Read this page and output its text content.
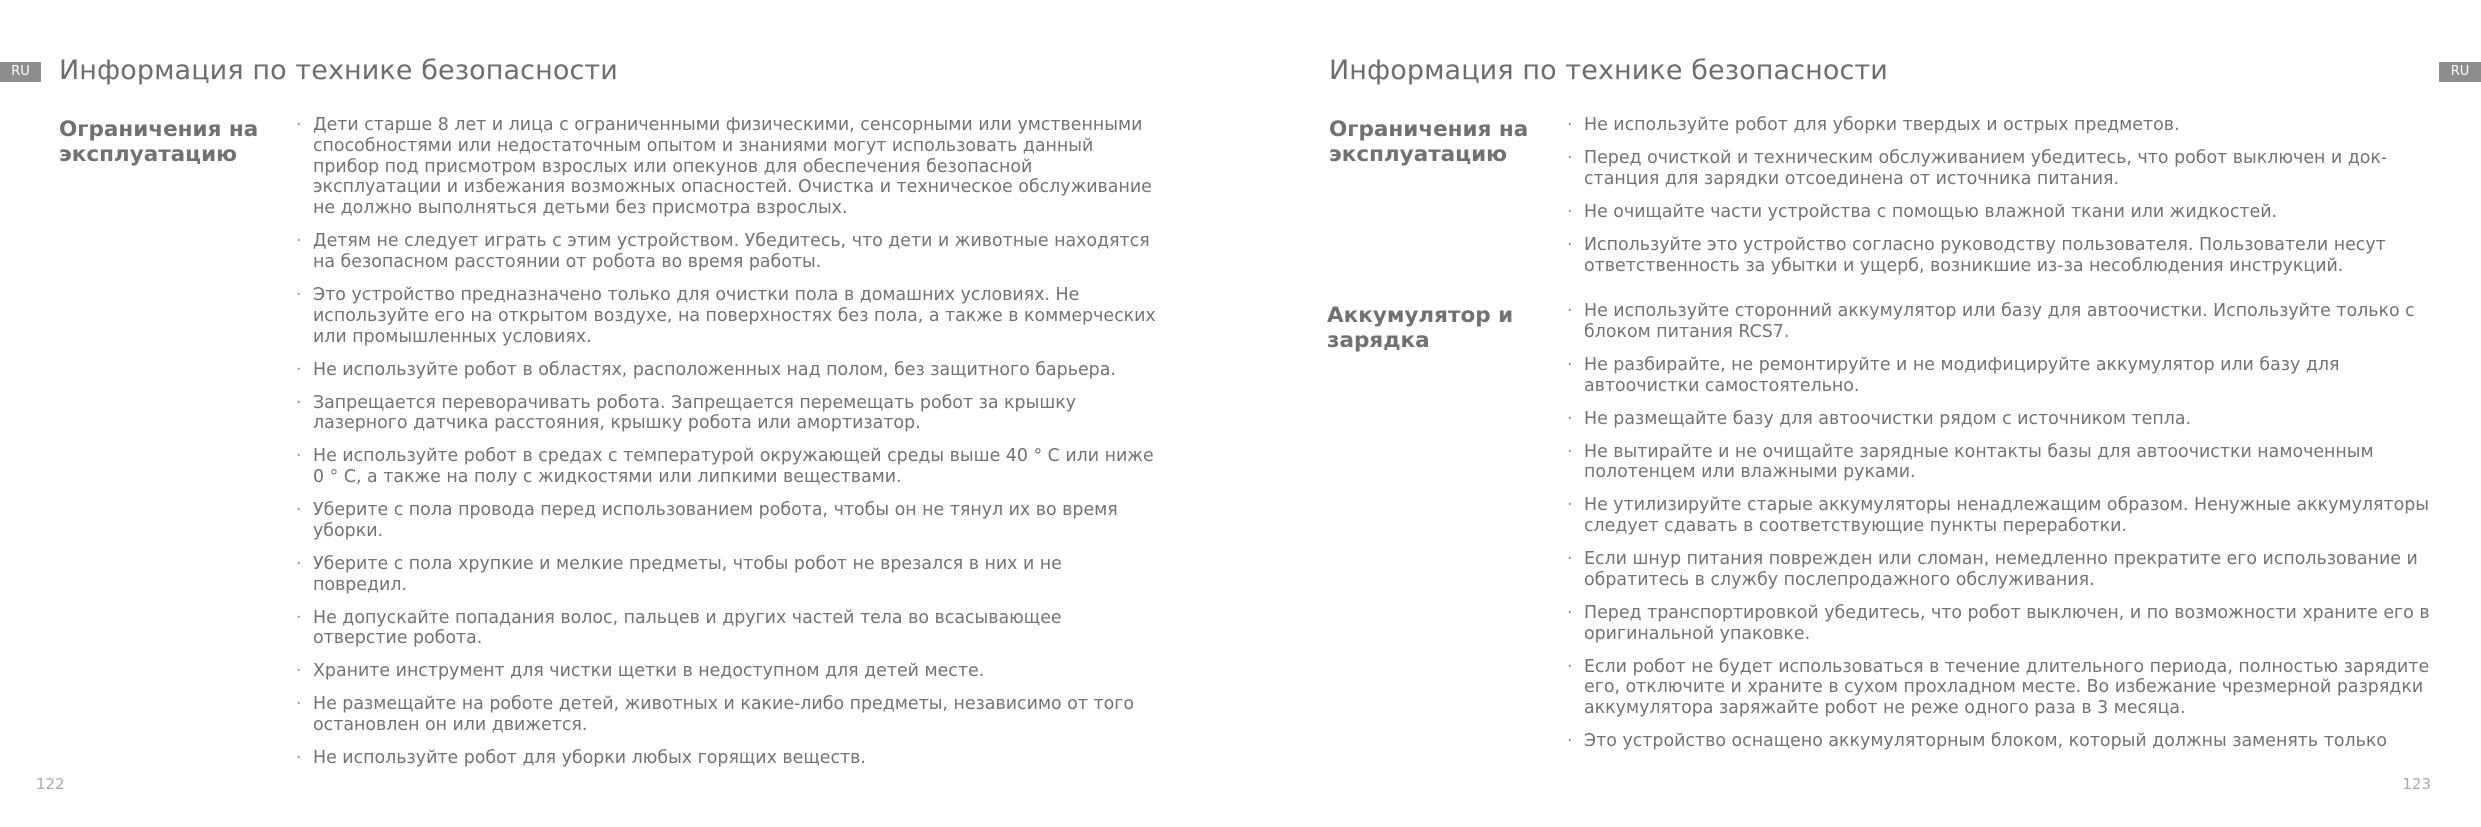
RU	Информация по технике безопасности
Ограничения на эксплуатацию
· Дети старше 8 лет и лица с ограниченными физическими, сенсорными или умственными способностями или недостаточным опытом и знаниями могут использовать данный прибор под присмотром взрослых или опекунов для обеспечения безопасной эксплуатации и избежания возможных опасностей. Очистка и техническое обслуживание не должно выполняться детьми без присмотра взрослых.
· Детям не следует играть с этим устройством. Убедитесь, что дети и животные находятся на безопасном расстоянии от робота во время работы.
· Это устройство предназначено только для очистки пола в домашних условиях. Не используйте его на открытом воздухе, на поверхностях без пола, а также в коммерческих или промышленных условиях.
· Не используйте робот в областях, расположенных над полом, без защитного барьера.
· Запрещается переворачивать робота. Запрещается перемещать робот за крышку лазерного датчика расстояния, крышку робота или амортизатор.
· Не используйте робот в средах с температурой окружающей среды выше 40 ° C или ниже 0 ° C, а также на полу с жидкостями или липкими веществами.
· Уберите с пола провода перед использованием робота, чтобы он не тянул их во время уборки.
· Уберите с пола хрупкие и мелкие предметы, чтобы робот не врезался в них и не повредил.
· Не допускайте попадания волос, пальцев и других частей тела во всасывающее отверстие робота.
· Храните инструмент для чистки щетки в недоступном для детей месте.
· Не размещайте на роботе детей, животных и какие-либо предметы, независимо от того остановлен он или движется.
· Не используйте робот для уборки любых горящих веществ.
122
RU
Информация по технике безопасности
Ограничения на эксплуатацию
· Не используйте робот для уборки твердых и острых предметов.
· Перед очисткой и техническим обслуживанием убедитесь, что робот выключен и док-станция для зарядки отсоединена от источника питания.
· Не очищайте части устройства с помощью влажной ткани или жидкостей.
· Используйте это устройство согласно руководству пользователя. Пользователи несут ответственность за убытки и ущерб, возникшие из-за несоблюдения инструкций.
Аккумулятор и зарядка
· Не используйте сторонний аккумулятор или базу для автоочистки. Используйте только с блоком питания RCS7.
· Не разбирайте, не ремонтируйте и не модифицируйте аккумулятор или базу для автоочистки самостоятельно.
· Не размещайте базу для автоочистки рядом с источником тепла.
· Не вытирайте и не очищайте зарядные контакты базы для автоочистки намоченным полотенцем или влажными руками.
· Не утилизируйте старые аккумуляторы ненадлежащим образом. Ненужные аккумуляторы следует сдавать в соответствующие пункты переработки.
· Если шнур питания поврежден или сломан, немедленно прекратите его использование и обратитесь в службу послепродажного обслуживания.
· Перед транспортировкой убедитесь, что робот выключен, и по возможности храните его в оригинальной упаковке.
· Если робот не будет использоваться в течение длительного периода, полностью зарядите его, отключите и храните в сухом прохладном месте. Во избежание чрезмерной разрядки аккумулятора заряжайте робот не реже одного раза в 3 месяца.
· Это устройство оснащено аккумуляторным блоком, который должны заменять только
123
